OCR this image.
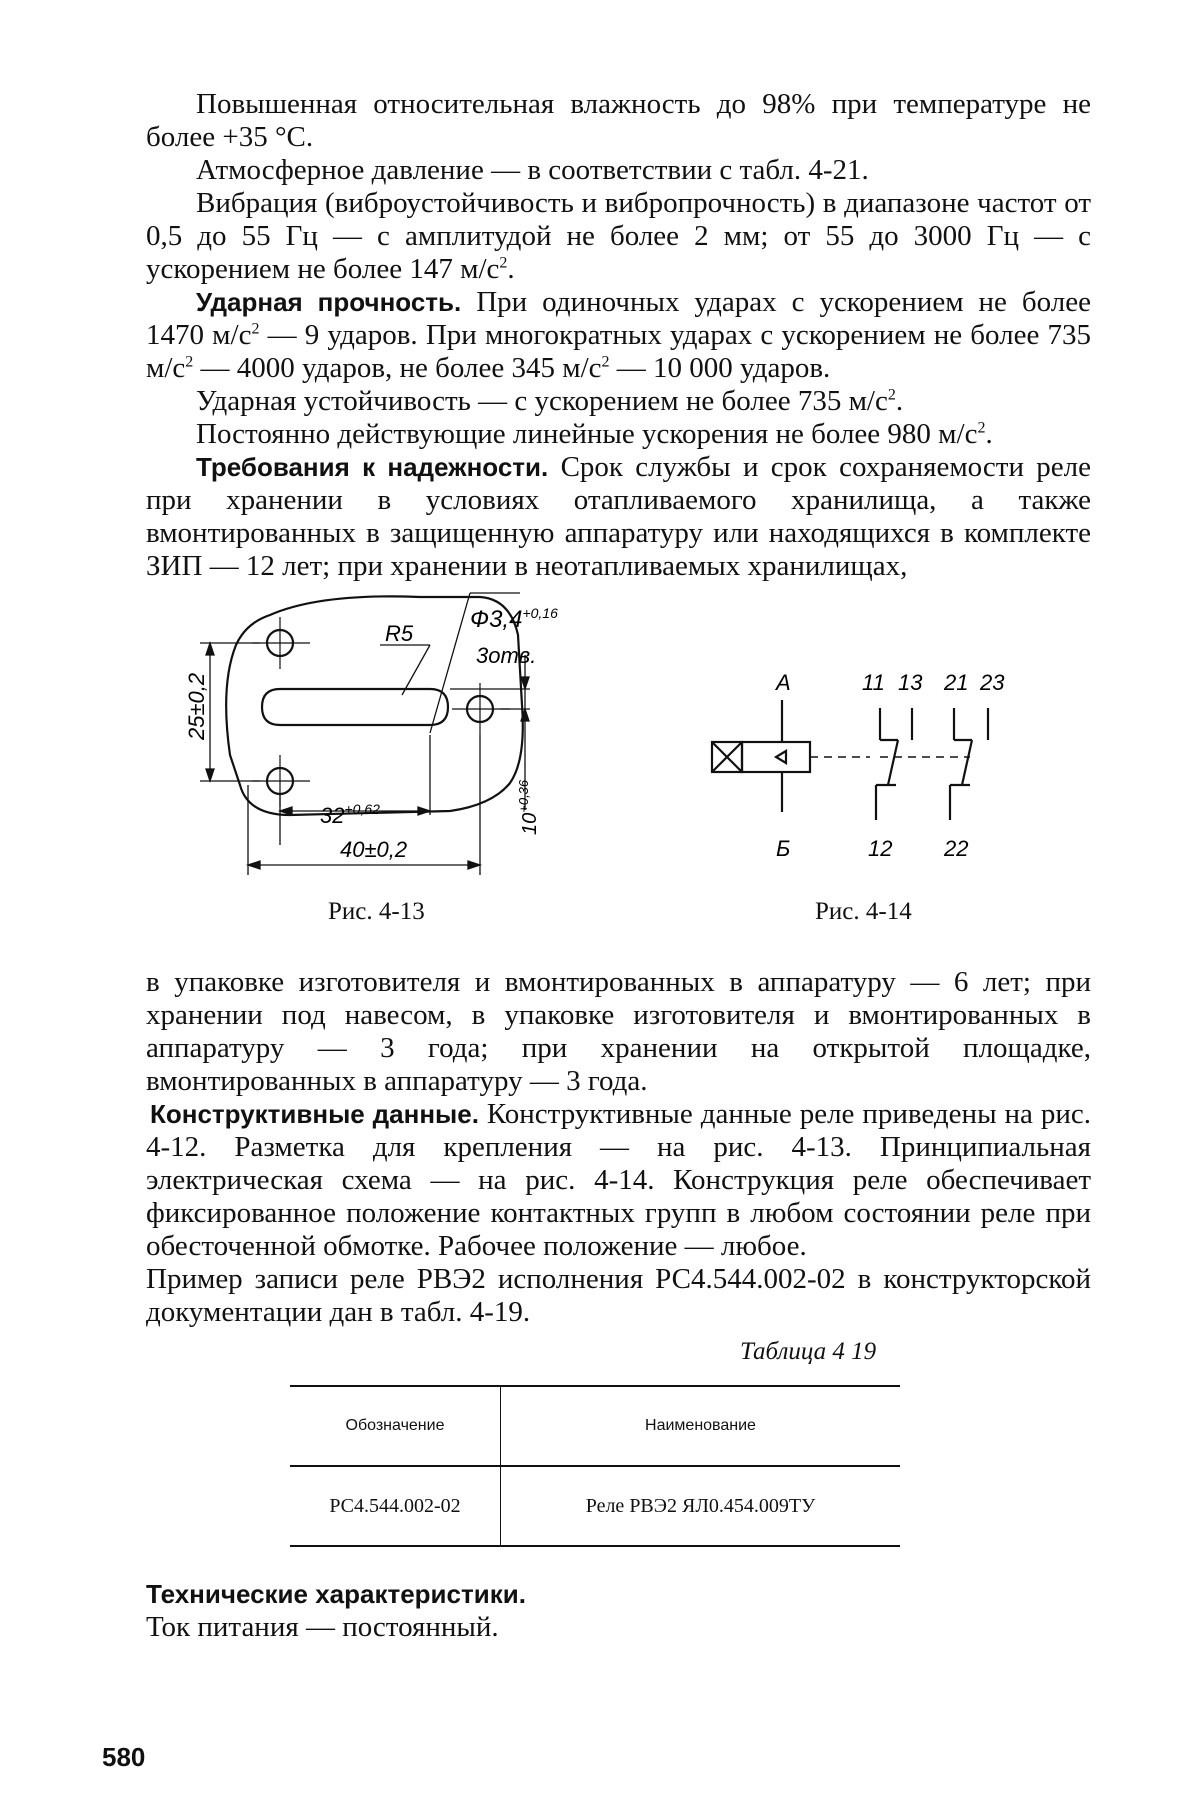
Повышенная относительная влажность до 98% при температуре не более +35 °С.

Атмосферное давление — в соответствии с табл. 4-21.

Вибрация (виброустойчивость и вибропрочность) в диапазоне частот от 0,5 до 55 Гц — с амплитудой не более 2 мм; от 55 до 3000 Гц — с ускорением не более 147 $м/с^2$.

Ударная прочность. При одиночных ударах с ускорением не более 1470 $м/с^2$ — 9 ударов. При многократных ударах с ускорением не более 735 $м/с^2$ — 4000 ударов, не более 345 $м/с^2$ — 10 000 ударов.

Ударная устойчивость — с ускорением не более 735 $м/с^2$.

Постоянно действующие линейные ускорения не более 980 $м/с^2$.

Требования к надежности. Срок службы и срок сохраняемости реле при хранении в условиях отапливаемого хранилища, а также вмонтированных в защищенную аппаратуру или находящихся в комплекте ЗИП — 12 лет; при хранении в неотапливаемых хранилищах,

R5
$Ф3,4^{+0,16}$
3отв.
25±0,2
$32^{+0,62}$
40±0,2
$10^{+0,36}$
Рис. 4-13
А	11 13 21 23
Б	12 22
Рис. 4-14

в упаковке изготовителя и вмонтированных в аппаратуру — 6 лет; при хранении под навесом, в упаковке изготовителя и вмонтированных в аппаратуру — 3 года; при хранении на открытой площадке, вмонтированных в аппаратуру — 3 года.

Конструктивные данные. Конструктивные данные реле приведены на рис. 4-12. Разметка для крепления — на рис. 4-13. Принципиальная электрическая схема — на рис. 4-14. Конструкция реле обеспечивает фиксированное положение контактных групп в любом состоянии реле при обесточенной обмотке. Рабочее положение — любое.

Пример записи реле РВЭ2 исполнения РС4.544.002-02 в конструкторской документации дан в табл. 4-19.

Таблица 4 19
Обозначение	Наименование
РС4.544.002-02	Реле РВЭ2 ЯЛ0.454.009ТУ

Технические характеристики.

Ток питания — постоянный.

580
